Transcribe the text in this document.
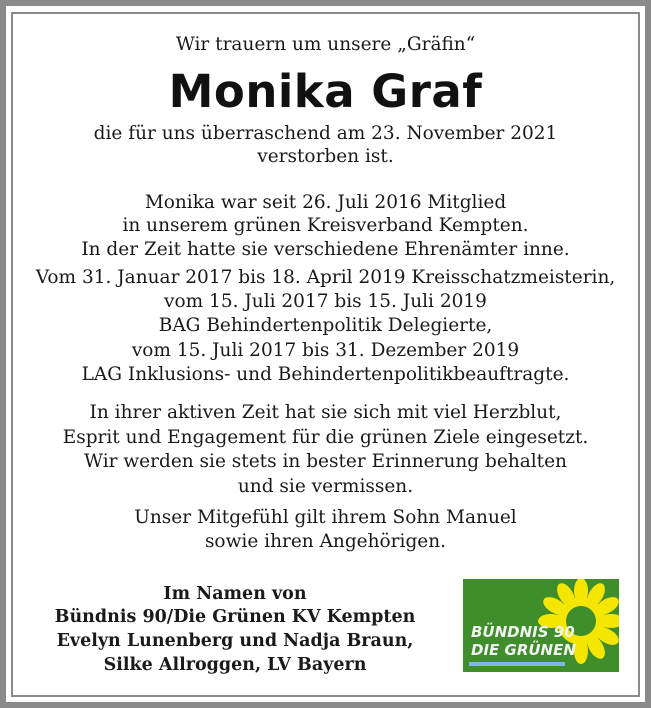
Wir trauern um unsere „Gräfin“
Monika Graf
die für uns überraschend am 23. November 2021
verstorben ist.
Monika war seit 26. Juli 2016 Mitglied
in unserem grünen Kreisverband Kempten.
In der Zeit hatte sie verschiedene Ehrenämter inne.
Vom 31. Januar 2017 bis 18. April 2019 Kreisschatzmeisterin,
vom 15. Juli 2017 bis 15. Juli 2019
BAG Behindertenpolitik Delegierte,
vom 15. Juli 2017 bis 31. Dezember 2019
LAG Inklusions- und Behindertenpolitikbeauftragte.
In ihrer aktiven Zeit hat sie sich mit viel Herzblut,
Esprit und Engagement für die grünen Ziele eingesetzt.
Wir werden sie stets in bester Erinnerung behalten
und sie vermissen.
Unser Mitgefühl gilt ihrem Sohn Manuel
sowie ihren Angehörigen.
Im Namen von
Bündnis 90/Die Grünen KV Kempten
Evelyn Lunenberg und Nadja Braun,
Silke Allroggen, LV Bayern
BÜNDNIS 90
DIE GRÜNEN
